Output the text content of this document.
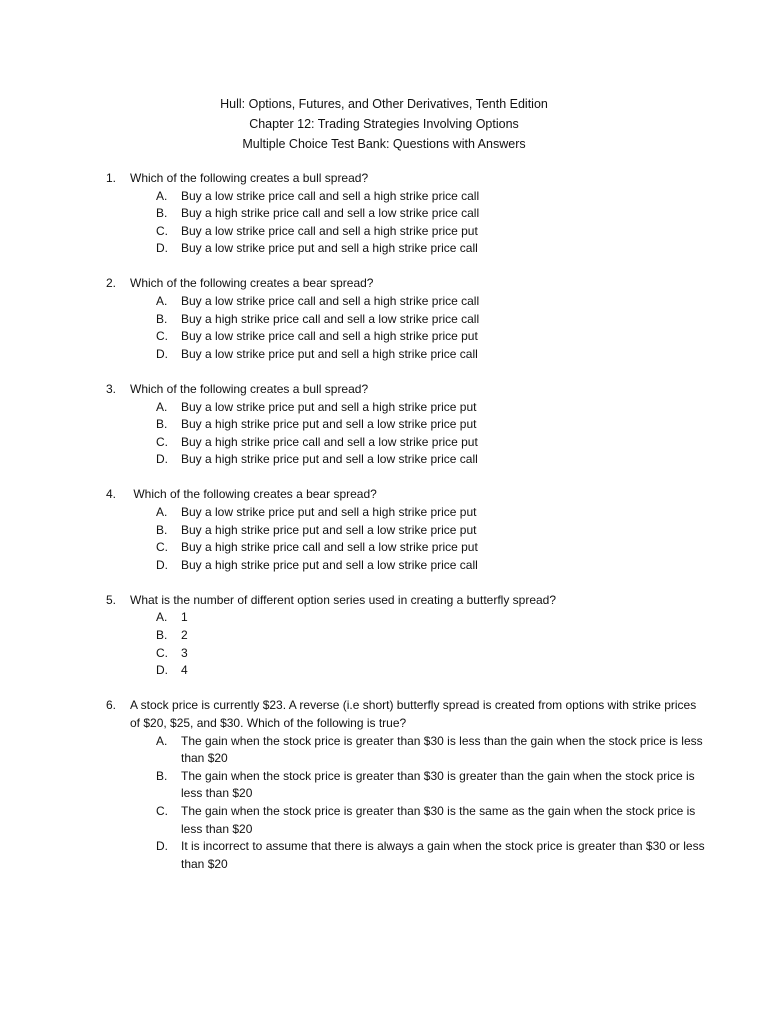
Hull: Options, Futures, and Other Derivatives, Tenth Edition
Chapter 12: Trading Strategies Involving Options
Multiple Choice Test Bank: Questions with Answers
1.	Which of the following creates a bull spread?
A.	Buy a low strike price call and sell a high strike price call
B.	Buy a high strike price call and sell a low strike price call
C.	Buy a low strike price call and sell a high strike price put
D.	Buy a low strike price put and sell a high strike price call
2.	Which of the following creates a bear spread?
A.	Buy a low strike price call and sell a high strike price call
B.	Buy a high strike price call and sell a low strike price call
C.	Buy a low strike price call and sell a high strike price put
D.	Buy a low strike price put and sell a high strike price call
3.	Which of the following creates a bull spread?
A.	Buy a low strike price put and sell a high strike price put
B.	Buy a high strike price put and sell a low strike price put
C.	Buy a high strike price call and sell a low strike price put
D.	Buy a high strike price put and sell a low strike price call
4.	Which of the following creates a bear spread?
A.	Buy a low strike price put and sell a high strike price put
B.	Buy a high strike price put and sell a low strike price put
C.	Buy a high strike price call and sell a low strike price put
D.	Buy a high strike price put and sell a low strike price call
5.	What is the number of different option series used in creating a butterfly spread?
A.	1
B.	2
C.	3
D.	4
6.	A stock price is currently $23. A reverse (i.e short) butterfly spread is created from options with strike prices of $20, $25, and $30. Which of the following is true?
A.	The gain when the stock price is greater than $30 is less than the gain when the stock price is less than $20
B.	The gain when the stock price is greater than $30 is greater than the gain when the stock price is less than $20
C.	The gain when the stock price is greater than $30 is the same as the gain when the stock price is less than $20
D.	It is incorrect to assume that there is always a gain when the stock price is greater than $30 or less than $20
